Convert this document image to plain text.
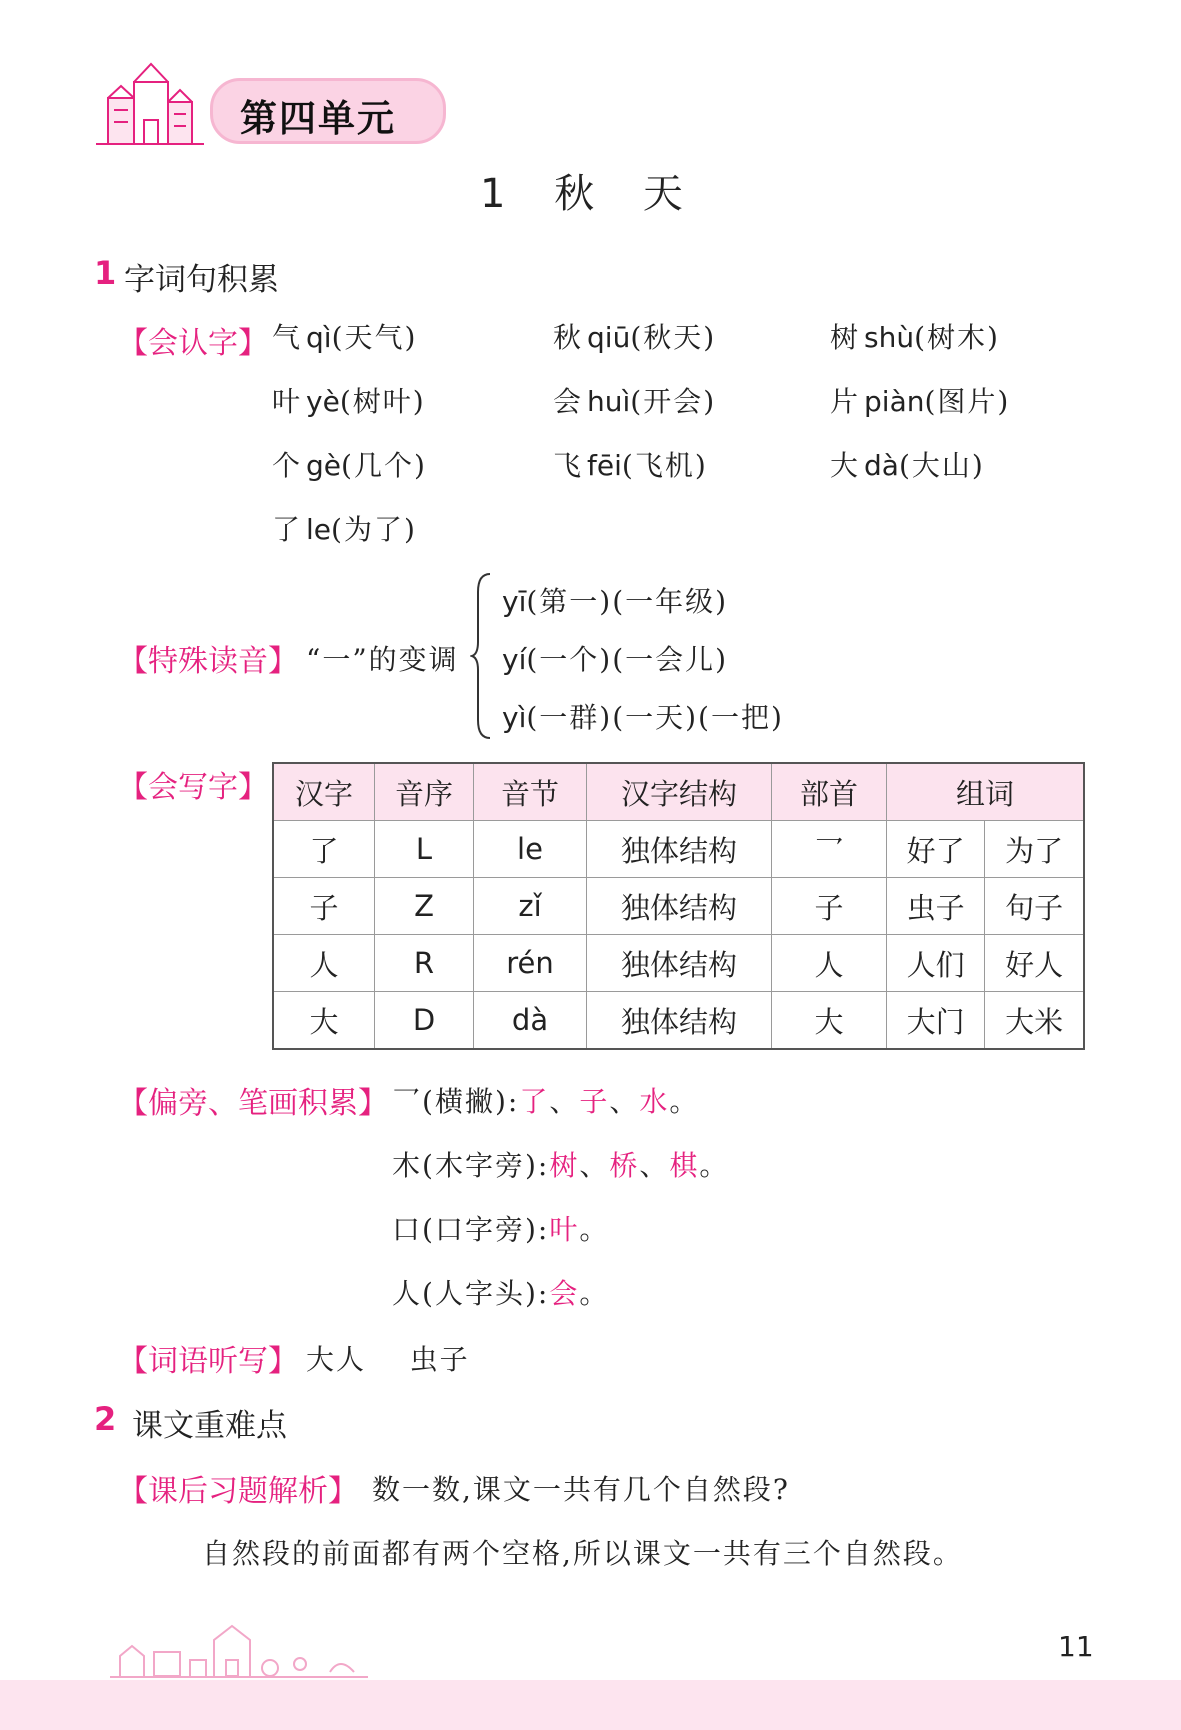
第四单元
1 秋 天
1 字词句积累
【会认字】 气 qì(天气)	秋 qiū(秋天)	树 shù(树木)
叶 yè(树叶)	会 huì(开会)	片 piàn(图片)
个 gè(几个)	飞 fēi(飞机)	大 dà(大山)
了 le(为了)
【特殊读音】 “一”的变调
yī(第一)(一年级)
yí(一个)(一会儿)
yì(一群)(一天)(一把)
【会写字】 汉字	音序	音节	汉字结构	部首	组词	
了	L	le	独体结构	乛	好了	为了
子	Z	zǐ	独体结构	子	虫子	句子
人	R	rén	独体结构	人	人们	好人
大	D	dà	独体结构	大	大门	大米
【偏旁、笔画积累】 乛(横撇):了、子、水。
木(木字旁):树、桥、棋。
口(口字旁):叶。
人(人字头):会。
【词语听写】 大人    虫子
2 课文重难点
【课后习题解析】 数一数,课文一共有几个自然段?
自然段的前面都有两个空格,所以课文一共有三个自然段。
11
